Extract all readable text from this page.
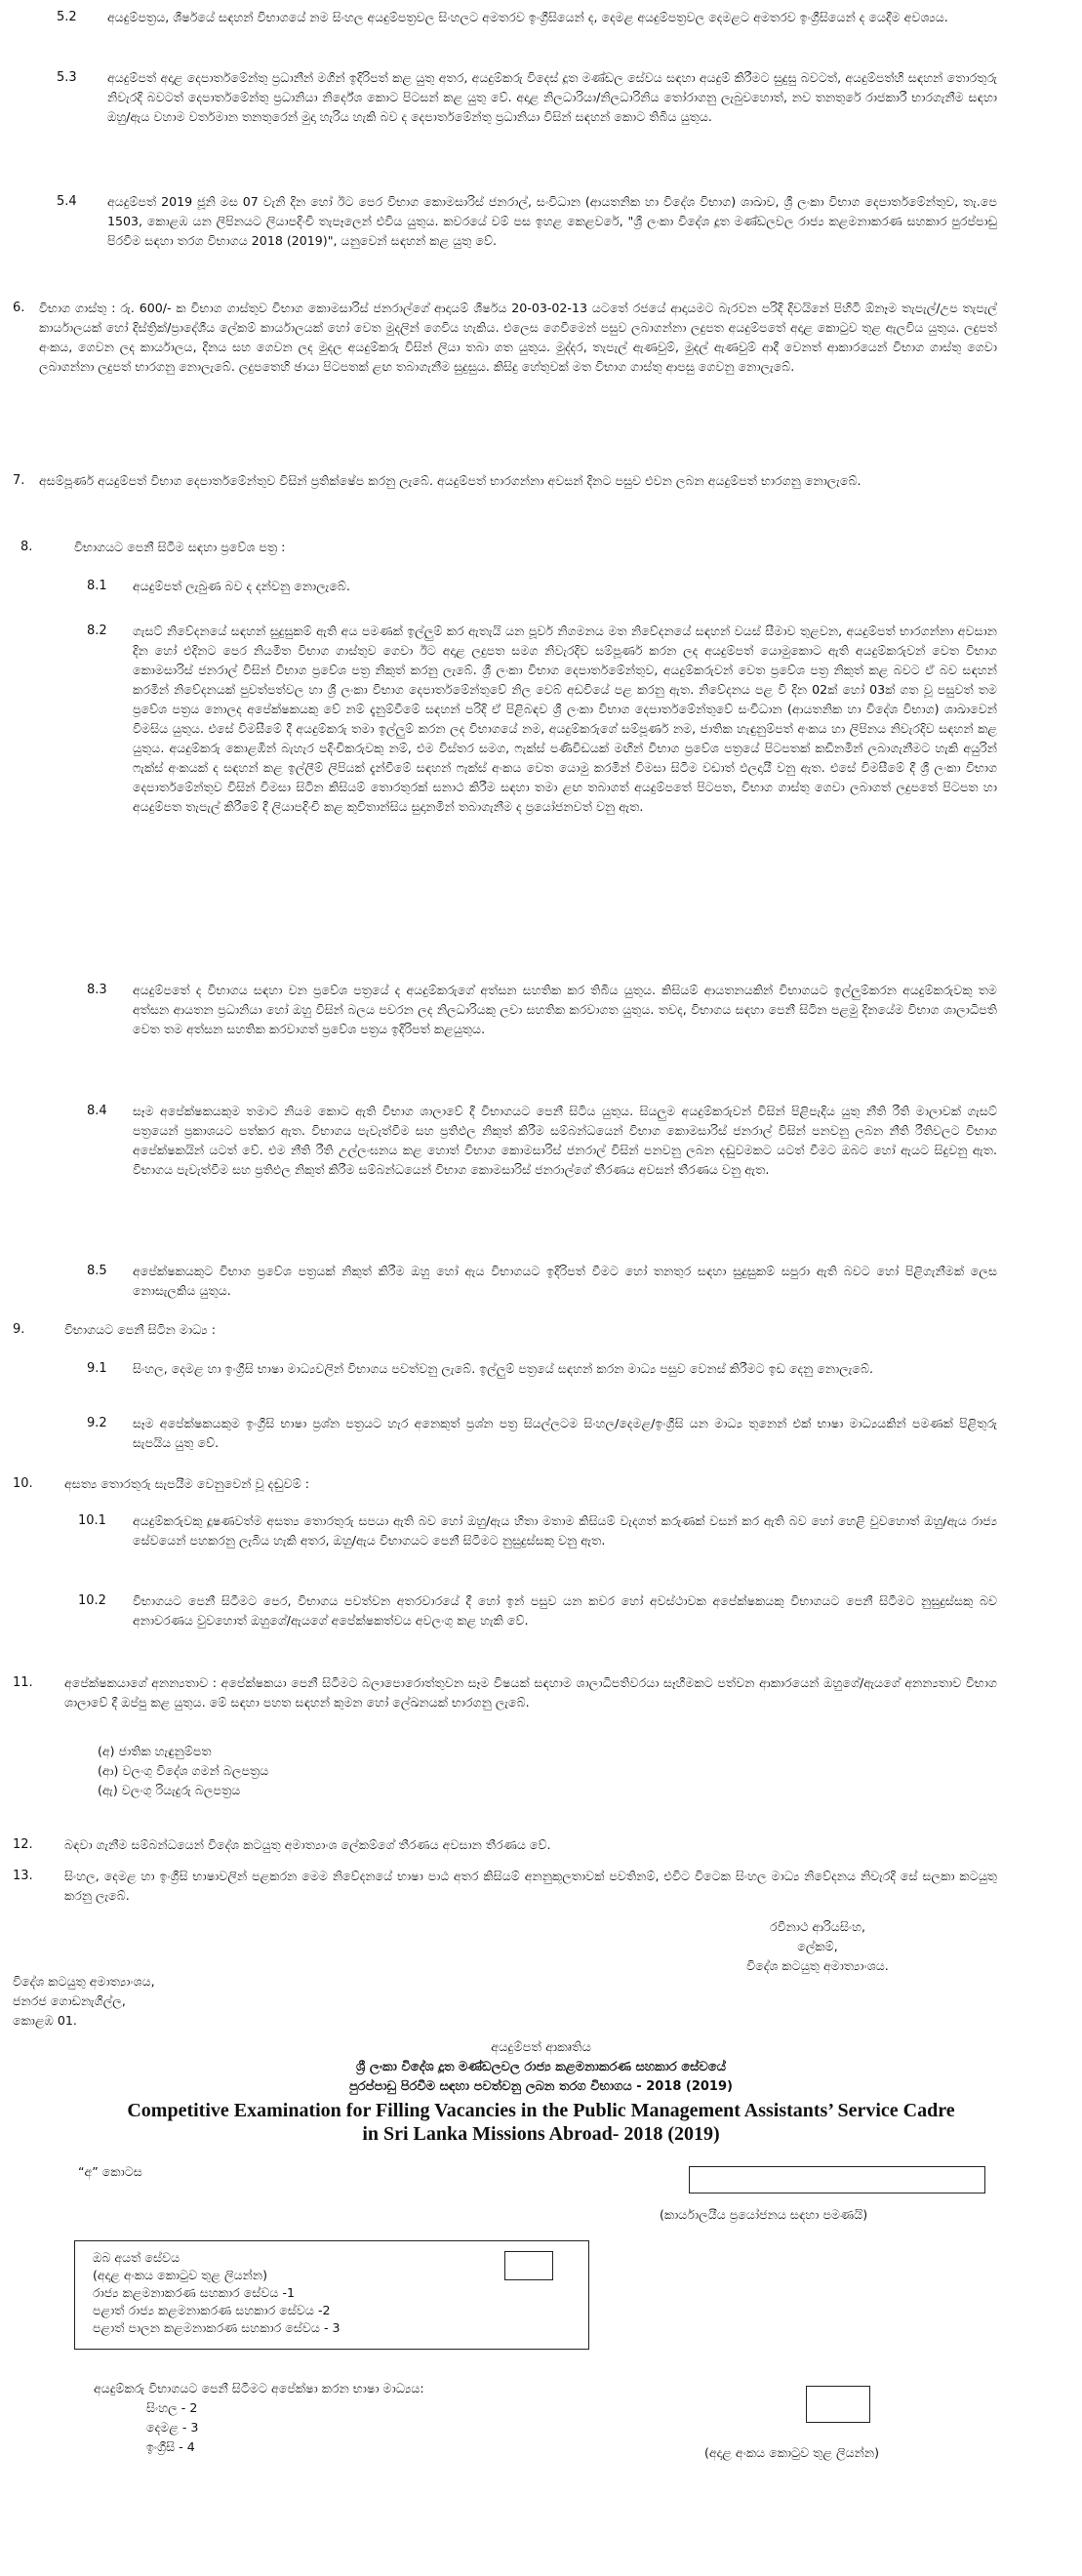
5.2 අයදුම්පත්‍රය, ශීර්ෂයේ සඳහන් විභාගයේ නම සිංහල අයදුම්පත්‍රවල සිංහලට අමතරව ඉංග්‍රීසියෙන් ද, දෙමළ අයදුම්පත්‍රවල දෙමළට අමතරව ඉංග්‍රීසියෙන් ද යෙදීම අවශ්‍යය.
5.3 අයදුම්පත් අදාළ දෙපාර්තමේන්තු ප්‍රධානීන් මගින් ඉදිරිපත් කළ යුතු අතර, අයදුම්කරු විදෙස් දූත මණ්ඩල සේවය සඳහා අයදුම් කිරීමට සුදුසු බවටත්, අයදුම්පත්හි සඳහන් තොරතුරු නිවැරදි බවටත් දෙපාර්තමේන්තු ප්‍රධානියා නිර්දේශ කොට පිටසන් කළ යුතු වේ. අදාළ නිලධාරියා/නිලධාරිනිය තෝරාගනු ලැබුවහොත්, නව තනතුරේ රාජකාරී භාරගැනීම සඳහා ඔහු/ඇය වහාම වර්තමාන තනතුරෙන් මුදා හැරිය හැකි බව ද දෙපාර්තමේන්තු ප්‍රධානියා විසින් සඳහන් කොට තිබිය යුතුය.
5.4 අයදුම්පත් 2019 ජූනි මස 07 වැනි දින හෝ ඊට පෙර විභාග කොමසාරිස් ජනරාල්, සංවිධාන (ආයතනික හා විදේශ විභාග) ශාඛාව, ශ්‍රී ලංකා විභාග දෙපාර්තමේන්තුව, තැ.පෙ 1503, කොළඹ යන ලිපිනයට ලියාපදිංචි තැපෑලෙන් එවිය යුතුය. කවරයේ වම් පස ඉහළ කෙළවරේ, "ශ්‍රී ලංකා විදේශ දූත මණ්ඩලවල රාජ්‍ය කළමනාකරණ සහකාර පුරප්පාඩු පිරවීම සඳහා තරග විභාගය 2018 (2019)", යනුවෙන් සඳහන් කළ යුතු වේ.
6. විභාග ගාස්තු : රු. 600/- ක විභාග ගාස්තුව විභාග කොමසාරිස් ජනරාල්ගේ ආදායම් ශීර්ෂය 20-03-02-13 යටතේ රජයේ ආදායමට බැරවන පරිදි දිවයිනේ පිහිටි ඕනෑම තැපැල්/උප තැපැල් කාර්යාලයක් හෝ දිස්ත්‍රික්/ප්‍රාදේශීය ලේකම් කාර්යාලයක් හෝ වෙත මුදලින් ගෙවිය හැකිය. එලෙස ගෙවීමෙන් පසුව ලබාගන්නා ලදුපත අයදුම්පතේ අදාළ කොටුව තුළ ඇලවිය යුතුය. ලදුපත් අංකය, ගෙවන ලද කාර්යාලය, දිනය සහ ගෙවන ලද මුදල අයදුම්කරු විසින් ලියා තබා ගත යුතුය. මුද්දර, තැපැල් ඇණවුම්, මුදල් ඇණවුම් ආදී වෙනත් ආකාරයෙන් විභාග ගාස්තු ගෙවා ලබාගන්නා ලදුපත් භාරගනු නොලැබේ. ලදුපතෙහි ඡායා පිටපතක් ළඟ තබාගැනීම සුදුසුය. කිසිදු හේතුවක් මත විභාග ගාස්තු ආපසු ගෙවනු නොලැබේ.
7. අසම්පූර්ණ අයදුම්පත් විභාග දෙපාර්තමේන්තුව විසින් ප්‍රතික්ෂේප කරනු ලැබේ. අයදුම්පත් භාරගන්නා අවසන් දිනට පසුව එවන ලබන අයදුම්පත් භාරගනු නොලැබේ.
8.	විභාගයට පෙනී සිටීම සඳහා ප්‍රවේශ පත්‍ර :
8.1 අයදුම්පත් ලැබුණ බව ද දන්වනු නොලැබේ.
8.2 ගැසට් නිවේදනයේ සඳහන් සුදුසුකම් ඇති අය පමණක් ඉල්ලුම් කර ඇතැයි යන පූර්ව නිගමනය මත නිවේදනයේ සඳහන් වයස් සීමාව තුළවන, අයදුම්පත් භාරගන්නා අවසාන දින හෝ එදිනට පෙර නියමිත විභාග ගාස්තුව ගෙවා ඊට අදාළ ලදුපත සමග නිවැරදිව සම්පූර්ණ කරන ලද අයදුම්පත් යොමුකොට ඇති අයදුම්කරුවන් වෙත විභාග කොමසාරිස් ජනරාල් විසින් විභාග ප්‍රවේශ පත්‍ර නිකුත් කරනු ලැබේ. ශ්‍රී ලංකා විභාග දෙපාර්තමේන්තුව, අයදුම්කරුවන් වෙත ප්‍රවේශ පත්‍ර නිකුත් කළ බවට ඒ බව සඳහන් කරමින් නිවේදනයක් පුවත්පත්වල හා ශ්‍රී ලංකා විභාග දෙපාර්තමේන්තුවේ නිල වෙබ් අඩවියේ පළ කරනු ඇත. නිවේදනය පළ වී දින 02ක් හෝ 03ක් ගත වූ පසුවත් තම ප්‍රවේශ පත්‍රය නොලද අපේක්ෂකයකු වේ නම් දැනුම්වීමේ සඳහන් පරිදි ඒ පිළිබඳව ශ්‍රී ලංකා විභාග දෙපාර්තමේන්තුවේ සංවිධාන (ආයතනික හා විදේශ විභාග) ශාඛාවෙන් විමසිය යුතුය. එසේ විමසීමේ දී අයදුම්කරු තමා ඉල්ලුම් කරන ලද විභාගයේ නම, අයදුම්කරුගේ සම්පූර්ණ නම, ජාතික හැඳුනුම්පත් අංකය හා ලිපිනය නිවැරදිව සඳහන් කළ යුතුය. අයදුම්කරු කොළඹින් බැහැර පදිංචිකරුවකු නම්, එම විස්තර සමග, ෆැක්ස් පණිවිඩයක් මඟින් විභාග ප්‍රවේශ පත්‍රයේ පිටපතක් කඩිනමින් ලබාගැනීමට හැකි අයුරින් ෆැක්ස් අංකයක් ද සඳහන් කළ ඉල්ලීම් ලිපියක් දැන්වීමේ සඳහන් ෆැක්ස් අංකය වෙත යොමු කරමින් විමසා සිටීම වඩාත් ඵලදායී වනු ඇත. එසේ විමසීමේ දී ශ්‍රී ලංකා විභාග දෙපාර්තමේන්තුව විසින් විමසා සිටින කිසියම් තොරතුරක් සනාථ කිරීම සඳහා තමා ළඟ තබාගත් අයදුම්පතේ පිටපත, විභාග ගාස්තු ගෙවා ලබාගත් ලදුපතේ පිටපත හා අයදුම්පත තැපැල් කිරීමේ දී ලියාපදිංචි කළ කුවිතාන්සිය සුදානමින් තබාගැනීම ද ප්‍රයෝජනවත් වනු ඇත.
8.3 අයදුම්පතේ ද විභාගය සඳහා වන ප්‍රවේශ පත්‍රයේ ද අයදුම්කරුගේ අත්සන සහතික කර තිබිය යුතුය. කිසියම් ආයතනයකින් විභාගයට ඉල්ලුම්කරන අයදුම්කරුවකු තම අත්සන ආයතන ප්‍රධානියා හෝ ඔහු විසින් බලය පවරන ලද නිලධාරියකු ලවා සහතික කරවාගත යුතුය. තවද, විභාගය සඳහා පෙනී සිටින පළමු දිනයේම විභාග ශාලාධිපති වෙත තම අත්සන සහතික කරවාගත් ප්‍රවේශ පත්‍රය ඉදිරිපත් කළයුතුය.
8.4 සෑම අපේක්ෂකයකුම තමාට නියම කොට ඇති විභාග ශාලාවේ දී විභාගයට පෙනී සිටිය යුතුය. සියලුම අයදුම්කරුවන් විසින් පිළිපැදිය යුතු නීති රීති මාලාවක් ගැසට් පත්‍රයෙන් ප්‍රකාශයට පත්කර ඇත. විභාගය පැවැත්වීම සහ ප්‍රතිඵල නිකුත් කිරීම සම්බන්ධයෙන් විභාග කොමසාරිස් ජනරාල් විසින් පනවනු ලබන නීති රීතිවලට විභාග අපේක්ෂකයින් යටත් වේ. එම නීති රීති උල්ලංඝනය කළ හොත් විභාග කොමසාරිස් ජනරාල් විසින් පනවනු ලබන දඬුවමකට යටත් වීමට ඔබට හෝ ඇයට සිදුවනු ඇත. විභාගය පැවැත්වීම සහ ප්‍රතිඵල නිකුත් කිරීම සම්බන්ධයෙන් විභාග කොමසාරිස් ජනරාල්ගේ තීරණය අවසන් තීරණය වනු ඇත.
8.5 අපේක්ෂකයකුට විභාග ප්‍රවේශ පත්‍රයක් නිකුත් කිරීම ඔහු හෝ ඇය විභාගයට ඉදිරිපත් වීමට හෝ තනතුර සඳහා සුදුසුකම් සපුරා ඇති බවට හෝ පිළිගැනීමක් ලෙස නොසැලකිය යුතුය.
9.	විභාගයට පෙනී සිටින මාධ්‍ය :
9.1 සිංහල, දෙමළ හා ඉංග්‍රීසි භාෂා මාධ්‍යවලින් විභාගය පවත්වනු ලැබේ. ඉල්ලුම් පත්‍රයේ සඳහන් කරන මාධ්‍ය පසුව වෙනස් කිරීමට ඉඩ දෙනු නොලැබේ.
9.2 සෑම අපේක්ෂකයකුම ඉංග්‍රීසි භාෂා ප්‍රශ්න පත්‍රයට හැර අනෙකුත් ප්‍රශ්න පත්‍ර සියල්ලටම සිංහල/දෙමළ/ඉංග්‍රීසි යන මාධ්‍ය තුනෙන් එක් භාෂා මාධ්‍යයකින් පමණක් පිළිතුරු සැපයිය යුතු වේ.
10.	අසත්‍ය තොරතුරු සැපයීම වෙනුවෙන් වූ දඬුවම් :
10.1 අයදුම්කරුවකු දූෂණවත්ම අසත්‍ය තොරතුරු සපයා ඇති බව හෝ ඔහු/ඇය හිතා මතාම කිසියම් වැදගත් කරුණක් වසන් කර ඇති බව හෝ හෙළි වුවහොත් ඔහු/ඇය රාජ්‍ය සේවයෙන් පහකරනු ලැබිය හැකි අතර, ඔහු/ඇය විභාගයට පෙනී සිටීමට නුසුදුස්සකු වනු ඇත.
10.2 විභාගයට පෙනී සිටීමට පෙර, විභාගය පවත්වන අතරවාරයේ දී හෝ ඉන් පසුව යන කවර හෝ අවස්ථාවක අපේක්ෂකයකු විභාගයට පෙනී සිටීමට නුසුදුස්සකු බව අනාවරණය වුවහොත් ඔහුගේ/ඇයගේ අපේක්ෂකත්වය අවලංගු කළ හැකි වේ.
11.	අපේක්ෂකයාගේ අනන්‍යතාව : අපේක්ෂකයා පෙනී සිටීමට බලාපොරොත්තුවන සෑම විෂයක් සඳහාම ශාලාධිපතිවරයා සෑහීමකට පත්වන ආකාරයෙන් ඔහුගේ/ඇයගේ අනන්‍යතාව විභාග ශාලාවේ දී ඔප්පු කළ යුතුය. මේ සඳහා පහත සඳහන් කුමන හෝ ලේඛනයක් භාරගනු ලැබේ.
(අ) ජාතික හැඳුනුම්පත
(ආ) වලංගු විදේශ ගමන් බලපත්‍රය
(ඇ) වලංගු රියැදුරු බලපත්‍රය
12.	බඳවා ගැනීම සම්බන්ධයෙන් විදේශ කටයුතු අමාත්‍යාංශ ලේකම්ගේ තීරණය අවසාන තීරණය වේ.
13.	සිංහල, දෙමළ හා ඉංග්‍රීසි භාෂාවලින් පළකරන මෙම නිවේදනයේ භාෂා පාඨ අතර කිසියම් අනනුකූලතාවක් පවතිනම්, එවිට විටෙක සිංහල මාධ්‍ය නිවේදනය නිවැරදි සේ සලකා කටයුතු කරනු ලැබේ.
රවීනාථ ආරියසිංහ,
ලේකම්,
විදේශ කටයුතු අමාත්‍යාංශය.
විදේශ කටයුතු අමාත්‍යාංශය,
ජනරජ ගොඩනැගිල්ල,
කොළඹ 01.
අයදුම්පත් ආකෘතිය
ශ්‍රී ලංකා විදේශ දූත මණ්ඩලවල රාජ්‍ය කළමනාකරණ සහකාර සේවයේ
පුරප්පාඩු පිරවීම සඳහා පවත්වනු ලබන තරග විභාගය - 2018 (2019)
Competitive Examination for Filling Vacancies in the Public Management Assistants’ Service Cadre
in Sri Lanka Missions Abroad- 2018 (2019)
“අ” කොටස
(කාර්යාලයීය ප්‍රයෝජනය සඳහා පමණයි)
ඔබ අයත් සේවය
(අදාළ අංකය කොටුව තුළ ලියන්න)
රාජ්‍ය කළමනාකරණ සහකාර සේවය -1
පළාත් රාජ්‍ය කළමනාකරණ සහකාර සේවය -2
පළාත් පාලන කළමනාකරණ සහකාර සේවය - 3
අයදුම්කරු විභාගයට පෙනී සිටීමට අපේක්ෂා කරන භාෂා මාධ්‍යය:
සිංහල - 2
දෙමළ - 3
ඉංග්‍රීසි - 4	(අදාළ අංකය කොටුව තුළ ලියන්න)
